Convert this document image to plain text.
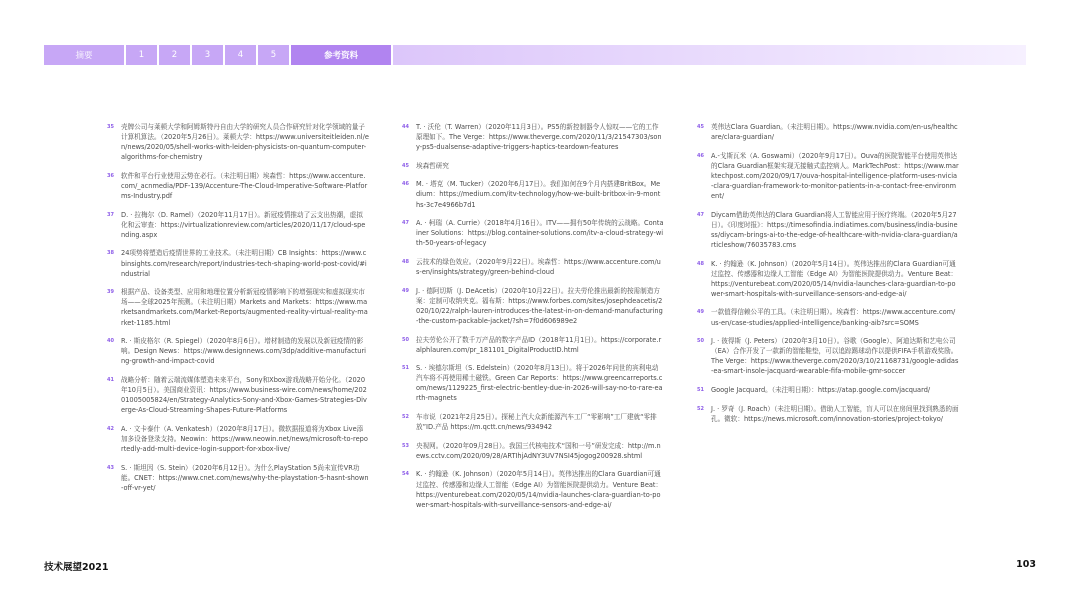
摘要	1	2	3	4	5	参考资料
35 壳牌公司与莱顿大学和阿姆斯特丹自由大学的研究人员合作研究针对化学领域的量子计算机算法。（2020年5月26日）。莱顿大学：https://www.universiteitleiden.nl/en/news/2020/05/shell-works-with-leiden-physicists-on-quantum-computer-algorithms-for-chemistry
36 软件和平台行业使用云势在必行。（未注明日期）埃森哲：https://www.accenture.com/_acnmedia/PDF-139/Accenture-The-Cloud-Imperative-Software-Platforms-Industry.pdf
37 D. · 拉梅尔（D. Ramel）（2020年11月17日）。新冠疫情推动了云支出热潮，虚拟化和云审查：https://virtualizationreview.com/articles/2020/11/17/cloud-spending.aspx
38 24项势将塑造后疫情世界的工业技术。（未注明日期）CB Insights：https://www.cbinsights.com/research/report/industries-tech-shaping-world-post-covid/#industrial
39 根据产品、设备类型、应用和地理位置分析新冠疫情影响下的增强现实和虚拟现实市场——全球2025年预测。（未注明日期）Markets and Markets：https://www.marketsandmarkets.com/Market-Reports/augmented-reality-virtual-reality-market-1185.html
40 R. · 斯皮格尔（R. Spiegel）（2020年8月6日）。增材制造的发展以及新冠疫情的影响。Design News：https://www.designnews.com/3dp/additive-manufacturing-growth-and-impact-covid
41 战略分析：随着云端流媒体塑造未来平台，Sony和Xbox游戏战略开始分化。（2020年10月5日）。美国商业资讯：https://www.business-wire.com/news/home/20201005005824/en/Strategy-Analytics-Sony-and-Xbox-Games-Strategies-Diverge-As-Cloud-Streaming-Shapes-Future-Platforms
42 A. · 文卡泰什（A. Venkatesh）（2020年8月17日）。微软据报道将为Xbox Live添加多设备登录支持。Neowin：https://www.neowin.net/news/microsoft-to-reportedly-add-multi-device-login-support-for-xbox-live/
43 S. · 斯坦因（S. Stein）（2020年6月12日）。为什么PlayStation 5尚未宣传VR功能。CNET：https://www.cnet.com/news/why-the-playstation-5-hasnt-shown-off-vr-yet/
44 T. · 沃伦（T. Warren）（2020年11月3日）。PS5的新控制器令人惊叹——它的工作原理如下。The Verge：https://www.theverge.com/2020/11/3/21547303/sony-ps5-dualsense-adaptive-triggers-haptics-teardown-features
45 埃森哲研究
46 M. · 塔克（M. Tucker）（2020年6月17日）。我们如何在9个月内搭建BritBox。Medium：https://medium.com/itv-technology/how-we-built-britbox-in-9-months-3c7e4966b7d1
47 A. · 柯瑞（A. Currie）（2018年4月16日）。ITV——拥有50年传统的云战略。Container Solutions：https://blog.container-solutions.com/itv-a-cloud-strategy-with-50-years-of-legacy
48 云技术的绿色效应。（2020年9月22日）。埃森哲：https://www.accenture.com/us-en/insights/strategy/green-behind-cloud
49 J. · 德阿切斯（J. DeAcetis）（2020年10月22日）。拉夫劳伦推出最新的按需制造方案：定制可收纳夹克。福布斯：https://www.forbes.com/sites/josephdeacetis/2020/10/22/ralph-lauren-introduces-the-latest-in-on-demand-manufacturing-the-custom-packable-jacket/?sh=7f0d606989e2
50 拉夫劳伦公开了数千万产品的数字产品ID（2018年11月1日）。https://corporate.ralphlauren.com/pr_181101_DigitalProductID.html
51 S. · 埃德尔斯坦（S. Edelstein）（2020年8月13日）。将于2026年问世的宾利电动汽车将不再使用稀土磁铁。Green Car Reports：https://www.greencarreports.com/news/1129225_first-electric-bentley-due-in-2026-will-say-no-to-rare-earth-magnets
52 车市说（2021年2月25日）。探秘上汽大众新能源汽车工厂“零影响”工厂建就“零排放”ID.产品 https://m.qctt.cn/news/934942
53 央视网。（2020年09月28日）。我国三代核电技术“国和一号”研发完成：http://m.news.cctv.com/2020/09/28/ARTIhjAdNY3UV7NSI45jogog200928.shtml
54 K. · 约翰逊（K. Johnson）（2020年5月14日）。英伟达推出的Clara Guardian可通过监控、传感器和边缘人工智能（Edge AI）为智能医院提供动力。Venture Beat：https://venturebeat.com/2020/05/14/nvidia-launches-clara-guardian-to-power-smart-hospitals-with-surveillance-sensors-and-edge-ai/
45 英伟达Clara Guardian。（未注明日期）。https://www.nvidia.com/en-us/healthcare/clara-guardian/
46 A.-戈斯瓦米（A. Goswami）（2020年9月17日）。Ouva的医院智能平台使用英伟达的Clara Guardian框架实现无接触式监控病人。MarkTechPost：https://www.marktechpost.com/2020/09/17/ouva-hospital-intelligence-platform-uses-nvicia-clara-guardian-framework-to-monitor-patients-in-a-contact-free-environment/
47 Diycam借助英伟达的Clara Guardian将人工智能应用于医疗终端。（2020年5月27日）。《印度时报》：https://timesofindia.indiatimes.com/business/india-business/diycam-brings-ai-to-the-edge-of-healthcare-with-nvidia-clara-guardian/articleshow/76035783.cms
48 K. · 约翰逊（K. Johnson）（2020年5月14日）。英伟达推出的Clara Guardian可通过监控、传感器和边缘人工智能（Edge AI）为智能医院提供动力。Venture Beat：https://venturebeat.com/2020/05/14/nvidia-launches-clara-guardian-to-power-smart-hospitals-with-surveillance-sensors-and-edge-ai/
49 一款值得信赖公平的工具。（未注明日期）。埃森哲：https://www.accenture.com/us-en/case-studies/applied-intelligence/banking-aib?src=SOMS
50 J. · 彼得斯（J. Peters）（2020年3月10日）。谷歌（Google）、阿迪达斯和艺电公司（EA）合作开发了一款新的智能鞋垫，可以追踪踢球动作以提供FIFA手机游戏奖励。The Verge：https://www.theverge.com/2020/3/10/21168731/google-adidas-ea-smart-insole-jacquard-wearable-fifa-mobile-gmr-soccer
51 Google Jacquard。（未注明日期）：https://atap.google.com/jacquard/
52 J. · 罗奇（J. Roach）（未注明日期）。借助人工智能，盲人可以在房间里找到熟悉的面孔。微软：https://news.microsoft.com/innovation-stories/project-tokyo/
技术展望2021	103
